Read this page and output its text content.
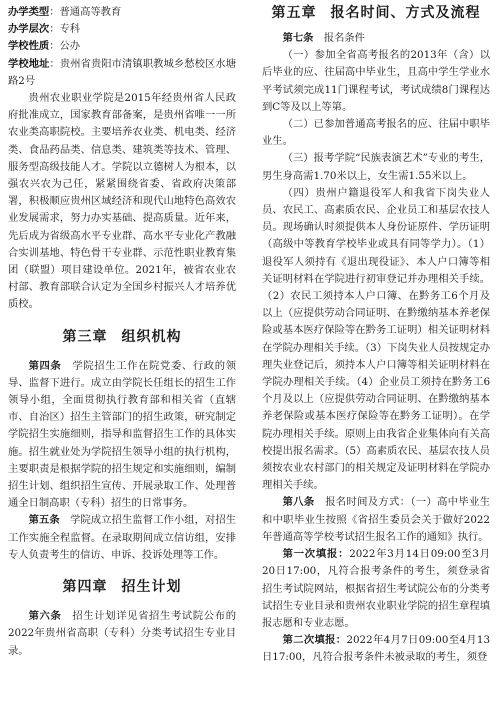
办学类型：普通高等教育

办学层次：专科

学校性质：公办

学校地址：贵州省贵阳市清镇职教城乡愁校区水塘路2号

贵州农业职业学院是2015年经贵州省人民政府批准成立，国家教育部备案，是贵州省唯一一所农业类高职院校。主要培养农业类、机电类、经济类、食品药品类、信息类、建筑类等技术、管理、服务型高级技能人才。学院以立德树人为根本，以强农兴农为己任，紧紧围绕省委、省政府决策部署，积极顺应贵州区域经济和现代山地特色高效农业发展需求，努力办实基础、提高质量。近年来，先后成为省级高水平专业群、高水平专业化产教融合实训基地、特色骨干专业群、示范性职业教育集团（联盟）项目建设单位。2021年，被省农业农村部、教育部联合认定为全国乡村振兴人才培养优质校。

第三章 组织机构

第四条　 学院招生工作在院党委、行政的领导、监督下进行。成立由学院长任组长的招生工作领导小组，全面贯彻执行教育部和相关省（直辖市、自治区）招生主管部门的招生政策，研究制定学院招生实施细则，指导和监督招生工作的具体实施。招生就业处为学院招生领导小组的执行机构，主要职责是根据学院的招生规定和实施细则，编制招生计划、组织招生宣传、开展录取工作、处理普通全日制高职（专科）招生的日常事务。

第五条　 学院成立招生监督工作小组，对招生工作实施全程监督。在录取期间成立信访组，安排专人负责考生的信访、申诉、投诉处理等工作。

第四章 招生计划

第六条　 招生计划详见省招生考试院公布的2022年贵州省高职（专科）分类考试招生专业目录。

第五章 报名时间、方式及流程

第七条　 报名条件

（一）参加全省高考报名的2013年（含）以后毕业的应、往届高中毕业生，且高中学生学业水平考试须完成11门课程考试，考试成绩8门课程达到C等及以上等第。

（二）已参加普通高考报名的应、往届中职毕业生。

（三）报考学院“民族表演艺术”专业的考生，男生身高需1.70米以上，女生需1.55米以上。

（四）贵州户籍退役军人和我省下岗失业人员、农民工、高素质农民、企业员工和基层农技人员。现场确认时须提供本人身份证原件、学历证明（高级中等教育学校毕业或具有同等学力）。（1）退役军人须持有《退出现役证》、本人户口簿等相关证明材料在学院进行初审登记并办理相关手续。（2）农民工须持本人户口簿、在黔务工6个月及以上（应提供劳动合同证明、在黔缴纳基本养老保险或基本医疗保险等在黔务工证明）相关证明材料在学院办理相关手续。（3）下岗失业人员按规定办理失业登记后，须持本人户口簿等相关证明材料在学院办理相关手续。（4）企业员工须持在黔务工6个月及以上（应提供劳动合同证明、在黔缴纳基本养老保险或基本医疗保险等在黔务工证明）。在学院办理相关手续。原则上由我省企业集体向有关高校提出报名需求。（5）高素质农民、基层农技人员须按农业农村部门的相关规定及证明材料在学院办理相关手续。

第八条　 报名时间及方式：（一）高中毕业生和中职毕业生按照《省招生委员会关于做好2022年普通高等学校考试招生报名工作的通知》执行。

第一次填报：2022年3月14日09:00至3月20日17:00，凡符合报考条件的考生，须登录省招生考试院网站，根据省招生考试院公布的分类考试招生专业目录和贵州农业职业学院的招生章程填报志愿和专业志愿。

第二次填报：2022年4月7日09:00至4月13日17:00，凡符合报考条件未被录取的考生，须登
